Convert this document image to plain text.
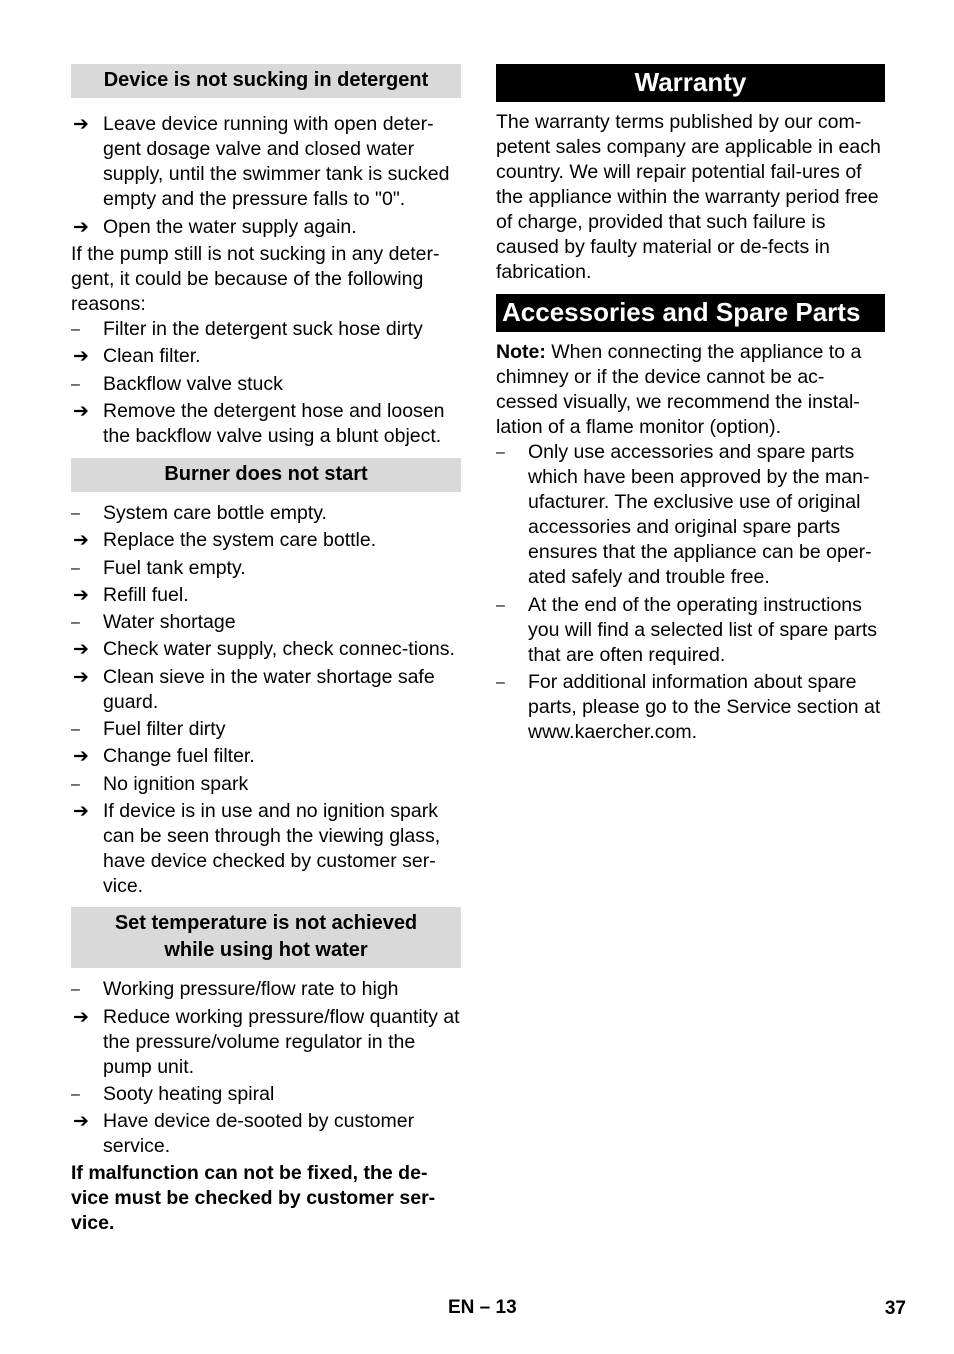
Device is not sucking in detergent
➔ Leave device running with open deter-gent dosage valve and closed water supply, until the swimmer tank is sucked empty and the pressure falls to "0".
➔ Open the water supply again.
If the pump still is not sucking in any deter-gent, it could be because of the following reasons:
–	Filter in the detergent suck hose dirty
➔ Clean filter.
–	Backflow valve stuck
➔ Remove the detergent hose and loosen the backflow valve using a blunt object.
Burner does not start
–	System care bottle empty.
➔ Replace the system care bottle.
–	Fuel tank empty.
➔ Refill fuel.
–	Water shortage
➔ Check water supply, check connec-tions.
➔ Clean sieve in the water shortage safe guard.
–	Fuel filter dirty
➔ Change fuel filter.
–	No ignition spark
➔ If device is in use and no ignition spark can be seen through the viewing glass, have device checked by customer ser-vice.
Set temperature is not achieved while using hot water
–	Working pressure/flow rate to high
➔ Reduce working pressure/flow quantity at the pressure/volume regulator in the pump unit.
–	Sooty heating spiral
➔ Have device de-sooted by customer service.
If malfunction can not be fixed, the de-vice must be checked by customer ser-vice.
Warranty
The warranty terms published by our com-petent sales company are applicable in each country. We will repair potential fail-ures of the appliance within the warranty period free of charge, provided that such failure is caused by faulty material or de-fects in fabrication.
Accessories and Spare Parts
Note: When connecting the appliance to a chimney or if the device cannot be ac-cessed visually, we recommend the instal-lation of a flame monitor (option).
–	Only use accessories and spare parts which have been approved by the man-ufacturer. The exclusive use of original accessories and original spare parts ensures that the appliance can be oper-ated safely and trouble free.
–	At the end of the operating instructions you will find a selected list of spare parts that are often required.
–	For additional information about spare parts, please go to the Service section at www.kaercher.com.
EN – 13	37
